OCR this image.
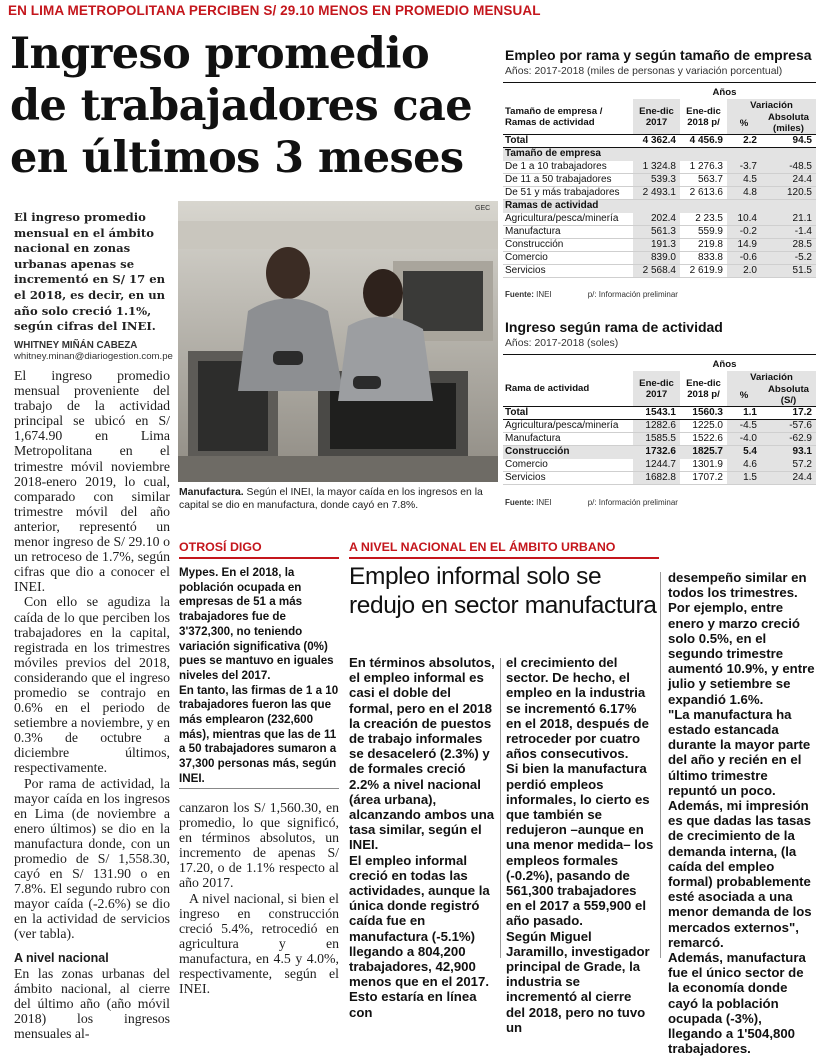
EN LIMA METROPOLITANA PERCIBEN S/ 29.10 MENOS EN PROMEDIO MENSUAL
Ingreso promedio
de trabajadores cae
en últimos 3 meses
El ingreso promedio mensual en el ámbito nacional en zonas urbanas apenas se incrementó en S/ 17 en el 2018, es decir, en un año solo creció 1.1%, según cifras del INEI.
WHITNEY MIÑÁN CABEZA
whitney.minan@diariogestion.com.pe

El ingreso promedio mensual proveniente del trabajo de la actividad principal se ubicó en S/ 1,674.90 en Lima Metropolitana en el trimestre móvil noviembre 2018-enero 2019, lo cual, comparado con similar trimestre móvil del año anterior, representó un menor ingreso de S/ 29.10 o un retroceso de 1.7%, según cifras que dio a conocer el INEI.

Con ello se agudiza la caída de lo que perciben los trabajadores en la capital, registrada en los trimestres móviles previos del 2018, considerando que el ingreso promedio se contrajo en 0.6% en el periodo de setiembre a noviembre, y en 0.3% de octubre a diciembre últimos, respectivamente.

Por rama de actividad, la mayor caída en los ingresos en Lima (de noviembre a enero últimos) se dio en la manufactura donde, con un promedio de S/ 1,558.30, cayó en S/ 131.90 o en 7.8%. El segundo rubro con mayor caída (-2.6%) se dio en la actividad de servicios (ver tabla).

A nivel nacional

En las zonas urbanas del ámbito nacional, al cierre del último año (año móvil 2018) los ingresos mensuales al-

GEC
Manufactura. Según el INEI, la mayor caída en los ingresos en la capital se dio en manufactura, donde cayó en 7.8%.
OTROSÍ DIGO

Mypes. En el 2018, la población ocupada en empresas de 51 a más trabajadores fue de 3'372,300, no teniendo variación significativa (0%) pues se mantuvo en iguales niveles del 2017.

En tanto, las firmas de 1 a 10 trabajadores fueron las que más emplearon (232,600 más), mientras que las de 11 a 50 trabajadores sumaron a 37,300 personas más, según INEI.

canzaron los S/ 1,560.30, en promedio, lo que significó, en términos absolutos, un incremento de apenas S/ 17.20, o de 1.1% respecto al año 2017.

A nivel nacional, si bien el ingreso en construcción creció 5.4%, retrocedió en agricultura y en manufactura, en 4.5 y 4.0%, respectivamente, según el INEI.

A NIVEL NACIONAL EN EL ÁMBITO URBANO
Empleo informal solo se
redujo en sector manufactura
En términos absolutos, el empleo informal es casi el doble del formal, pero en el 2018 la creación de puestos de trabajo informales se desaceleró (2.3%) y de formales creció 2.2% a nivel nacional (área urbana), alcanzando ambos una tasa similar, según el INEI.
El empleo informal creció en todas las actividades, aunque la única donde registró caída fue en manufactura (-5.1%) llegando a 804,200 trabajadores, 42,900 menos que en el 2017. Esto estaría en línea con
el crecimiento del sector. De hecho, el empleo en la industria se incrementó 6.17% en el 2018, después de retroceder por cuatro años consecutivos.
Si bien la manufactura perdió empleos informales, lo cierto es que también se redujeron –aunque en una menor medida– los empleos formales (-0.2%), pasando de 561,300 trabajadores en el 2017 a 559,900 el año pasado.
Según Miguel Jaramillo, investigador principal de Grade, la industria se incrementó al cierre del 2018, pero no tuvo un
desempeño similar en todos los trimestres. Por ejemplo, entre enero y marzo creció solo 0.5%, en el segundo trimestre aumentó 10.9%, y entre julio y setiembre se expandió 1.6%.
"La manufactura ha estado estancada durante la mayor parte del año y recién en el último trimestre repuntó un poco. Además, mi impresión es que dadas las tasas de crecimiento de la demanda interna, (la caída del empleo formal) probablemente esté asociada a una menor demanda de los mercados externos", remarcó.
Además, manufactura fue el único sector de la economía donde cayó la población ocupada (-3%), llegando a 1'504,800 trabajadores.
Empleo por rama y según tamaño de empresa
Años: 2017-2018 (miles de personas y variación porcentual)
	Años			
Tamaño de empresa / Ramas de actividad	Ene-dic 2017	Ene-dic 2018 p/	Variación	
			%	Absoluta (miles)
Total	4 362.4	4 456.9	2.2	94.5
Tamaño de empresa				
De 1 a 10 trabajadores	1 324.8	1 276.3	-3.7	-48.5
De 11 a 50 trabajadores	539.3	563.7	4.5	24.4
De 51 y más trabajadores	2 493.1	2 613.6	4.8	120.5
Ramas de actividad				
Agricultura/pesca/minería	202.4	2 23.5	10.4	21.1
Manufactura	561.3	559.9	-0.2	-1.4
Construcción	191.3	219.8	14.9	28.5
Comercio	839.0	833.8	-0.6	-5.2
Servicios	2 568.4	2 619.9	2.0	51.5
Fuente: INEI	p/: Información preliminar
Ingreso según rama de actividad
Años: 2017-2018 (soles)
	Años			
Rama de actividad	Ene-dic 2017	Ene-dic 2018 p/	Variación	
			%	Absoluta (S/)
Total	1543.1	1560.3	1.1	17.2
Agricultura/pesca/minería	1282.6	1225.0	-4.5	-57.6
Manufactura	1585.5	1522.6	-4.0	-62.9
Construcción	1732.6	1825.7	5.4	93.1
Comercio	1244.7	1301.9	4.6	57.2
Servicios	1682.8	1707.2	1.5	24.4
Fuente: INEI	p/: Información preliminar
